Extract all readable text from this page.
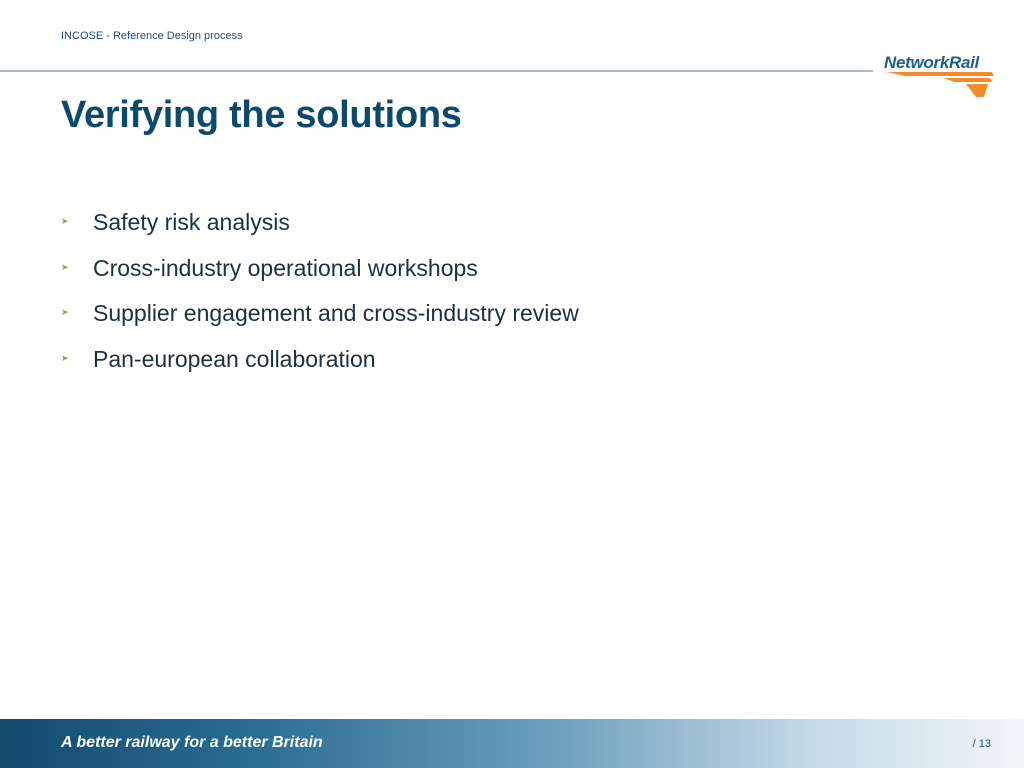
INCOSE - Reference Design process
NetworkRail
Verifying the solutions
➤	Safety risk analysis
➤	Cross-industry operational workshops
➤	Supplier engagement and cross-industry review
➤	Pan-european collaboration
A better railway for a better Britain	/ 13
